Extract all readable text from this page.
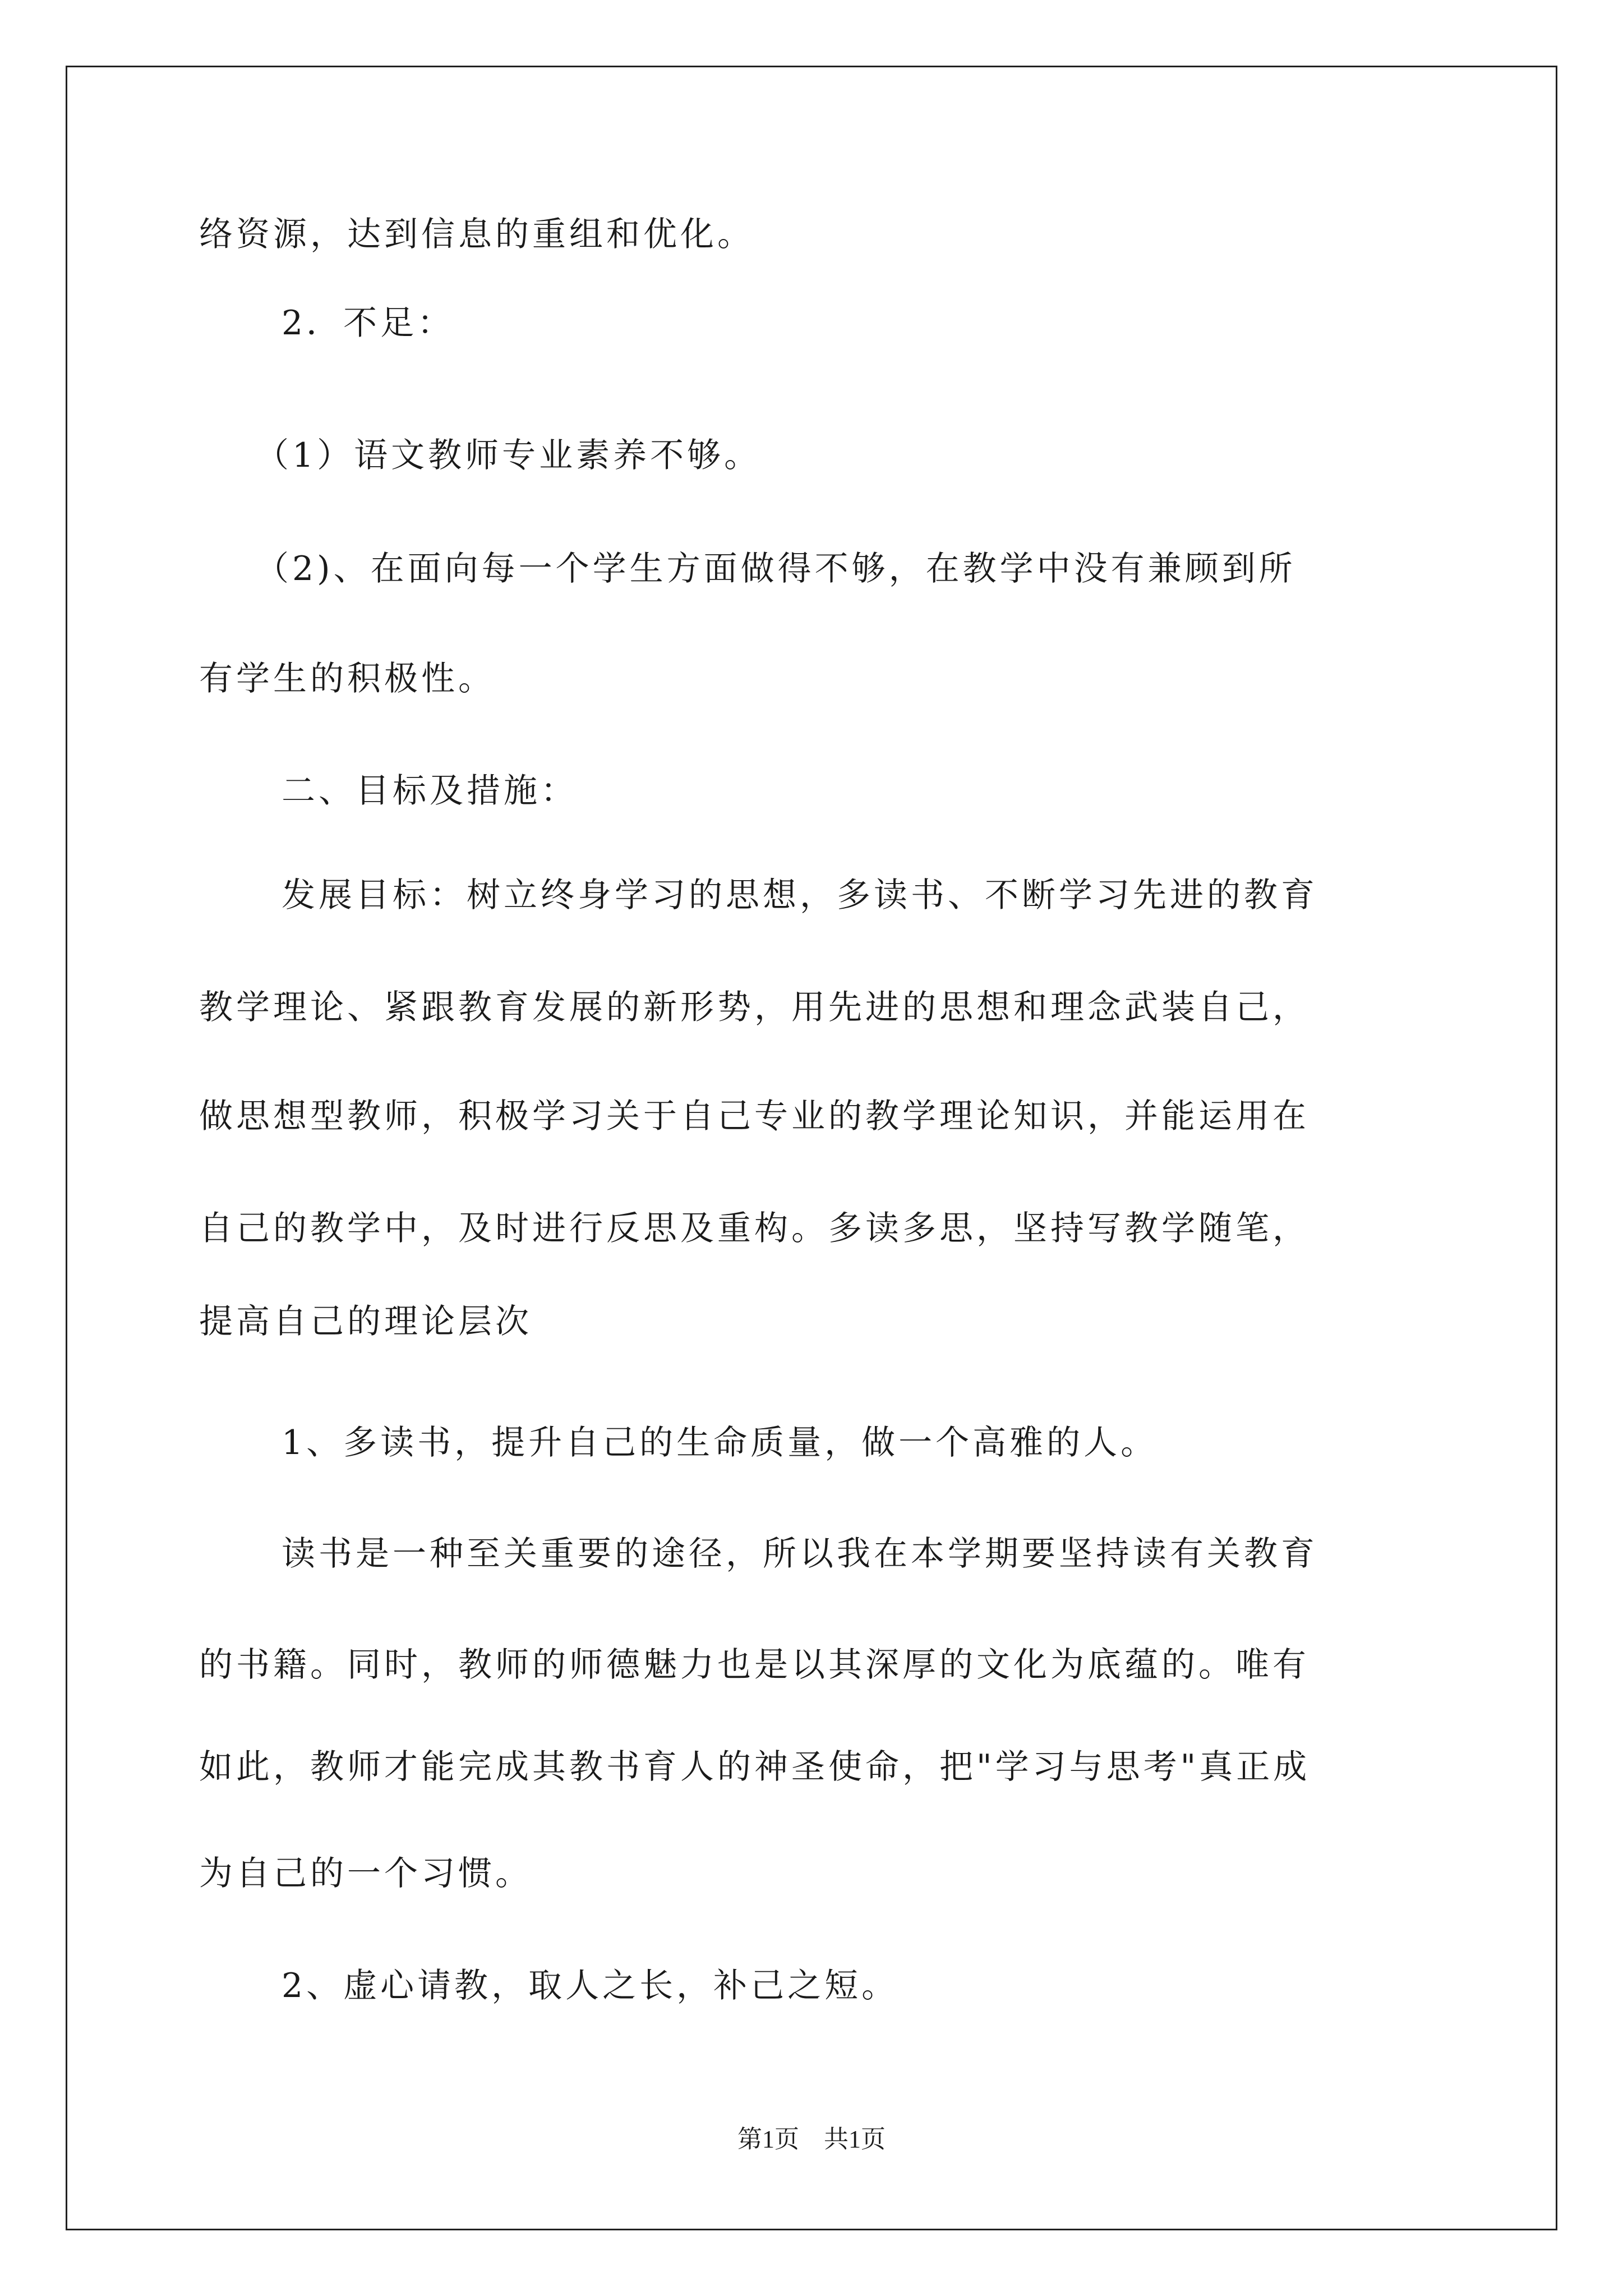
络资源，达到信息的重组和优化。
2．不足：
（1）语文教师专业素养不够。
（2)、在面向每一个学生方面做得不够，在教学中没有兼顾到所
有学生的积极性。
二、目标及措施：
发展目标：树立终身学习的思想，多读书、不断学习先进的教育
教学理论、紧跟教育发展的新形势，用先进的思想和理念武装自己，
做思想型教师，积极学习关于自己专业的教学理论知识，并能运用在
自己的教学中，及时进行反思及重构。多读多思，坚持写教学随笔，
提高自己的理论层次
1、多读书，提升自己的生命质量，做一个高雅的人。
读书是一种至关重要的途径，所以我在本学期要坚持读有关教育
的书籍。同时，教师的师德魅力也是以其深厚的文化为底蕴的。唯有
如此，教师才能完成其教书育人的神圣使命，把"学习与思考"真正成
为自己的一个习惯。
2、虚心请教，取人之长，补己之短。
第1页　共1页
